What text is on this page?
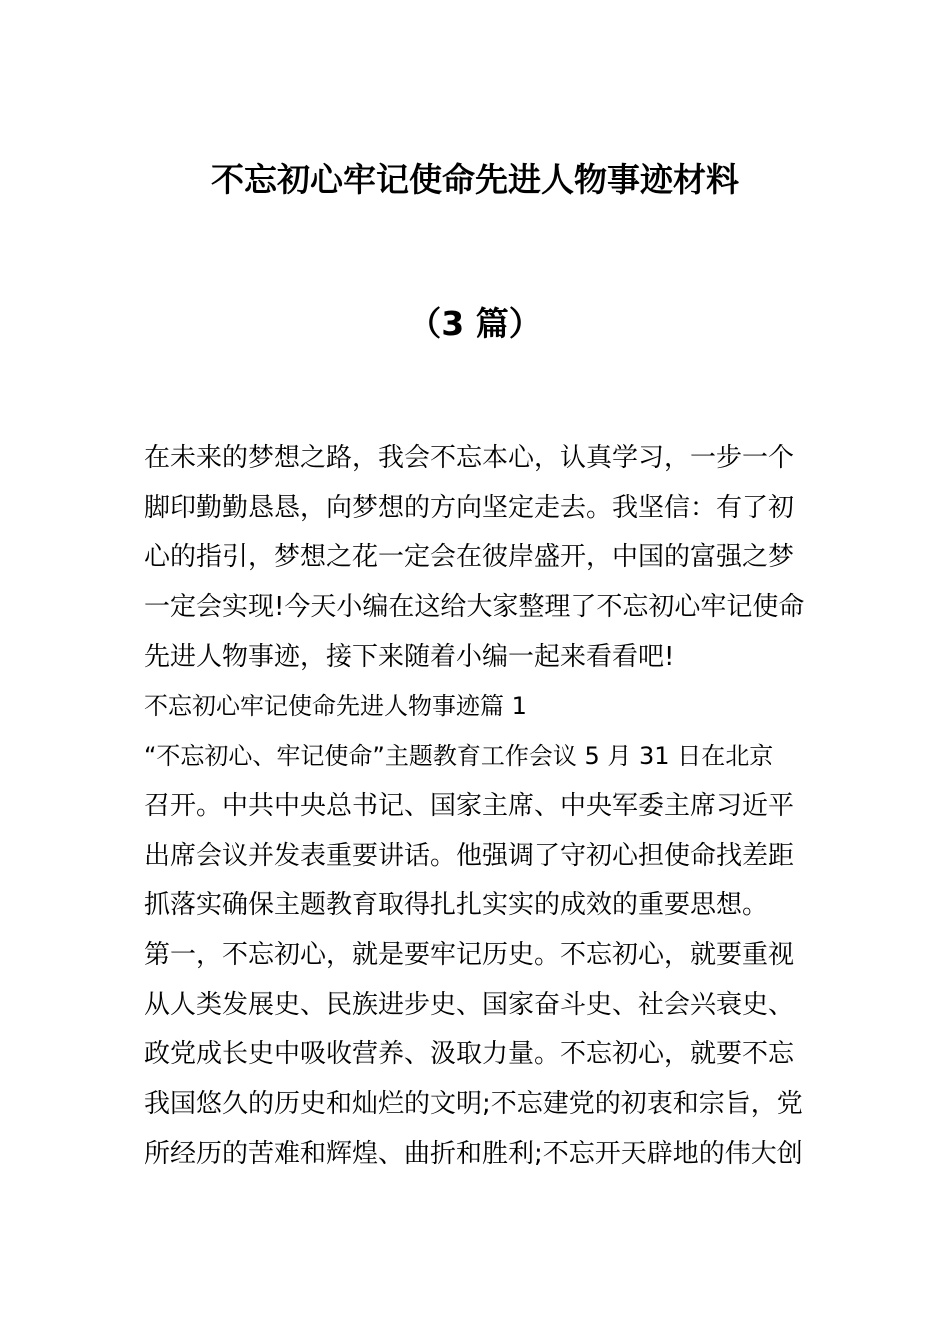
不忘初心牢记使命先进人物事迹材料
（3 篇）
在未来的梦想之路，我会不忘本心，认真学习，一步一个
脚印勤勤恳恳，向梦想的方向坚定走去。我坚信：有了初
心的指引，梦想之花一定会在彼岸盛开，中国的富强之梦
一定会实现!今天小编在这给大家整理了不忘初心牢记使命
先进人物事迹，接下来随着小编一起来看看吧!
不忘初心牢记使命先进人物事迹篇 1
“不忘初心、牢记使命”主题教育工作会议 5 月 31 日在北京
召开。中共中央总书记、国家主席、中央军委主席习近平
出席会议并发表重要讲话。他强调了守初心担使命找差距
抓落实确保主题教育取得扎扎实实的成效的重要思想。
第一，不忘初心，就是要牢记历史。不忘初心，就要重视
从人类发展史、民族进步史、国家奋斗史、社会兴衰史、
政党成长史中吸收营养、汲取力量。不忘初心，就要不忘
我国悠久的历史和灿烂的文明;不忘建党的初衷和宗旨，党
所经历的苦难和辉煌、曲折和胜利;不忘开天辟地的伟大创
